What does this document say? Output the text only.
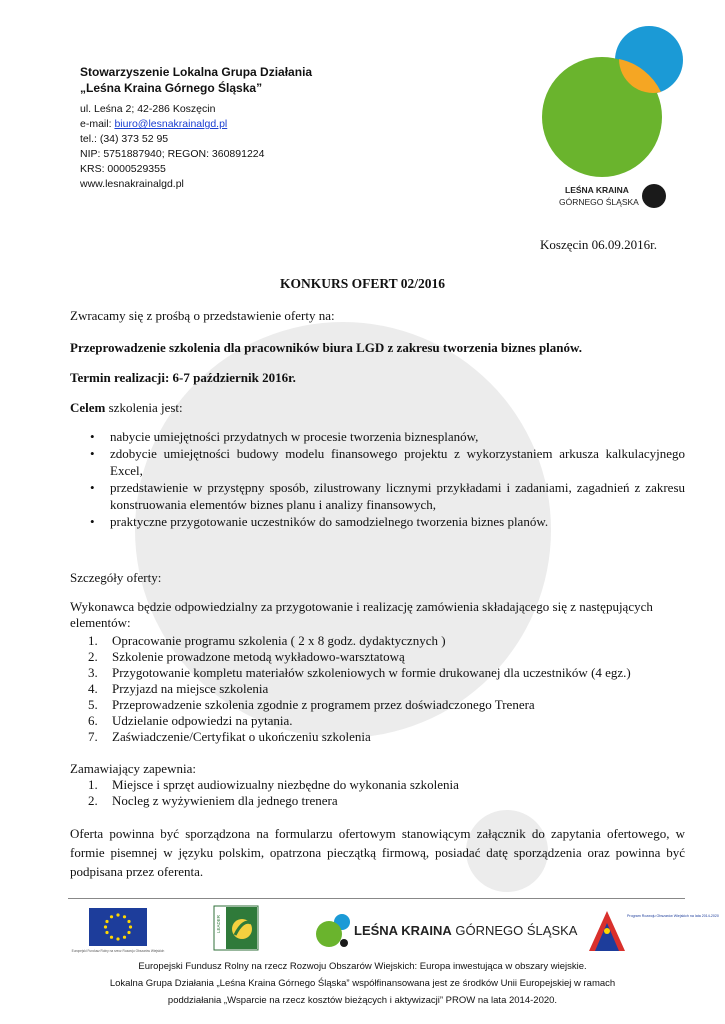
Stowarzyszenie Lokalna Grupa Działania
„Leśna Kraina Górnego Śląska”
ul. Leśna 2; 42-286 Koszęcin
e-mail: biuro@lesnakrainalgd.pl
tel.: (34) 373 52 95
NIP: 5751887940; REGON: 360891224
KRS: 0000529355
www.lesnakrainalgd.pl	LEŚNA KRAINA
GÓRNEGO ŚLĄSKA
Koszęcin 06.09.2016r.
KONKURS OFERT 02/2016
Zwracamy się z prośbą o przedstawienie oferty na:
Przeprowadzenie szkolenia dla pracowników biura LGD z zakresu tworzenia biznes planów.
Termin realizacji: 6-7 październik 2016r.
Celem szkolenia jest:
• nabycie umiejętności przydatnych w procesie tworzenia biznesplanów,
• zdobycie umiejętności budowy modelu finansowego projektu z wykorzystaniem arkusza kalkulacyjnego Excel,
• przedstawienie w przystępny sposób, zilustrowany licznymi przykładami i zadaniami, zagadnień z zakresu konstruowania elementów biznes planu i analizy finansowych,
• praktyczne przygotowanie uczestników do samodzielnego tworzenia biznes planów.
Szczegóły oferty:
Wykonawca będzie odpowiedzialny za przygotowanie i realizację zamówienia składającego się z następujących elementów:
1. Opracowanie programu szkolenia ( 2 x 8 godz. dydaktycznych )
2. Szkolenie prowadzone metodą wykładowo-warsztatową
3. Przygotowanie kompletu materiałów szkoleniowych w formie drukowanej dla uczestników (4 egz.)
4. Przyjazd na miejsce szkolenia
5. Przeprowadzenie szkolenia zgodnie z programem przez doświadczonego Trenera
6. Udzielanie odpowiedzi na pytania.
7. Zaświadczenie/Certyfikat o ukończeniu szkolenia
Zamawiający zapewnia:
1. Miejsce i sprzęt audiowizualny niezbędne do wykonania szkolenia
2. Nocleg z wyżywieniem dla jednego trenera
Oferta powinna być sporządzona na formularzu ofertowym stanowiącym załącznik do zapytania ofertowego, w formie pisemnej w języku polskim, opatrzona pieczątką firmową, posiadać datę sporządzenia oraz powinna być podpisana przez oferenta.
Europejski Fundusz Rolny na rzecz Rozwoju Obszarów Wiejskich
LEADER	LEŚNA KRAINA GÓRNEGO ŚLĄSKA
Program Rozwoju Obszarów Wiejskich na lata 2014-2020
Europejski Fundusz Rolny na rzecz Rozwoju Obszarów Wiejskich: Europa inwestująca w obszary wiejskie.
Lokalna Grupa Działania „Leśna Kraina Górnego Śląska” współfinansowana jest ze środków Unii Europejskiej w ramach
poddziałania „Wsparcie na rzecz kosztów bieżących i aktywizacji” PROW na lata 2014-2020.
